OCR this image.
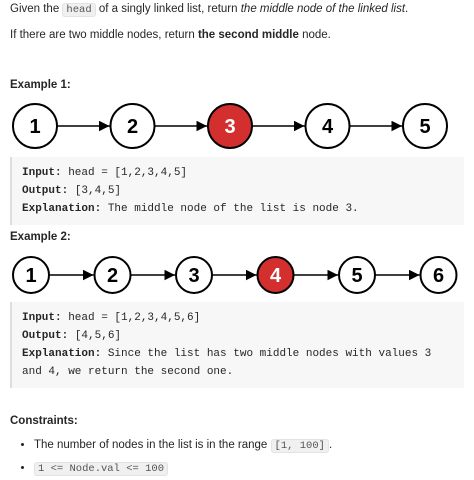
Given the head of a singly linked list, return the middle node of the linked list.

If there are two middle nodes, return the second middle node.

Example 1:
1	2	3	4	5
Input: head = [1,2,3,4,5]
Output: [3,4,5]
Explanation: The middle node of the list is node 3.
Example 2:
1	2	3	4	5	6
Input: head = [1,2,3,4,5,6]
Output: [4,5,6]
Explanation: Since the list has two middle nodes with values 3 and 4, we return the second one.
Constraints:
• The number of nodes in the list is in the range [1, 100] .
• 1 <= Node.val <= 100
